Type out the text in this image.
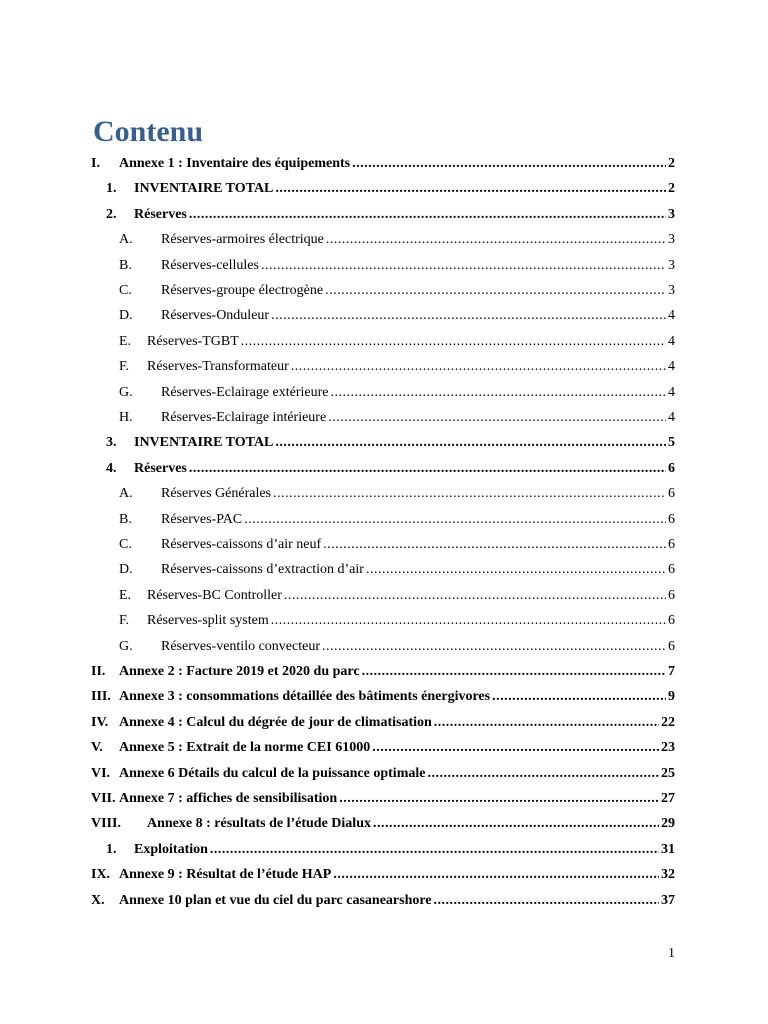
Contenu
I.	Annexe 1 : Inventaire des équipements .....	2
1.	INVENTAIRE TOTAL .....	2
2.	Réserves .....	3
A.	Réserves-armoires électrique .....	3
B.	Réserves-cellules .....	3
C.	Réserves-groupe électrogène .....	3
D.	Réserves-Onduleur .....	4
E.	Réserves-TGBT .....	4
F.	Réserves-Transformateur .....	4
G.	Réserves-Eclairage extérieure .....	4
H.	Réserves-Eclairage intérieure .....	4
3.	INVENTAIRE TOTAL .....	5
4.	Réserves .....	6
A.	Réserves Générales .....	6
B.	Réserves-PAC .....	6
C.	Réserves-caissons d’air neuf .....	6
D.	Réserves-caissons d’extraction d’air .....	6
E.	Réserves-BC Controller .....	6
F.	Réserves-split system .....	6
G.	Réserves-ventilo convecteur .....	6
II. Annexe 2 : Facture 2019 et 2020 du parc .....	7
III. Annexe 3 : consommations détaillée des bâtiments énergivores .....	9
IV. Annexe 4 : Calcul du dégrée de jour de climatisation .....	22
V.	Annexe 5 : Extrait de la norme CEI 61000 .....	23
VI. Annexe 6 Détails du calcul de la puissance optimale .....	25
VII. Annexe 7 : affiches de sensibilisation .....	27
VIII.	Annexe 8 : résultats de l’étude Dialux .....	29
1.	Exploitation .....	31
IX. Annexe 9 : Résultat de l’étude HAP .....	32
X.	Annexe 10 plan et vue du ciel du parc casanearshore .....	37
1
